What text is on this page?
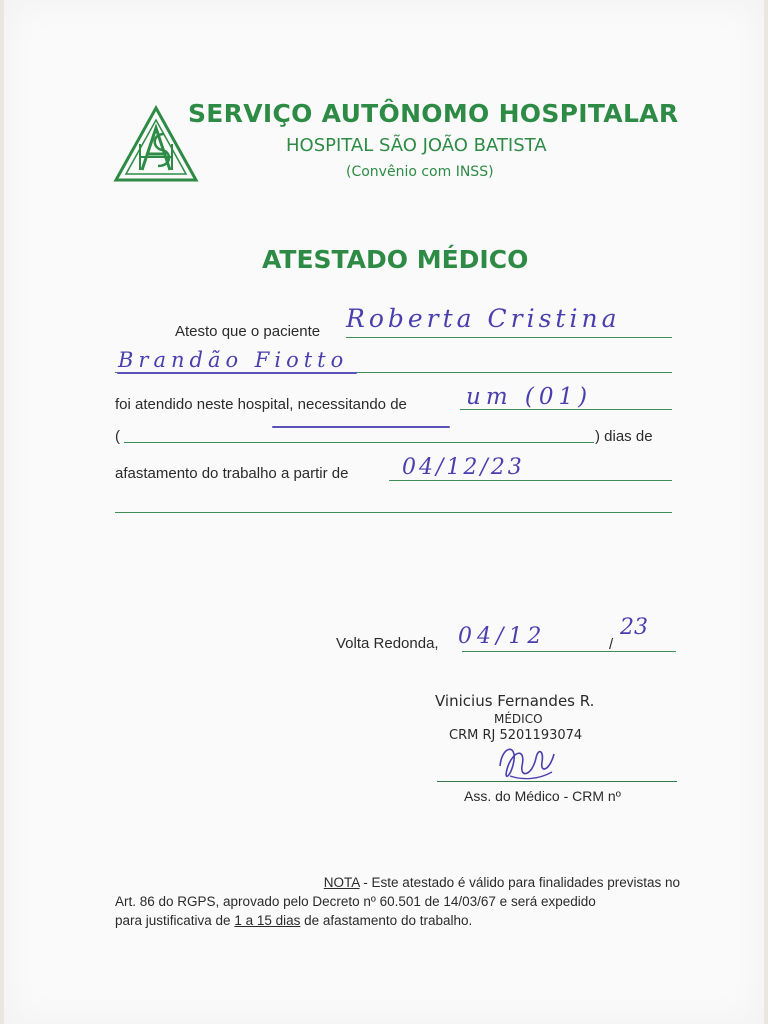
SERVIÇO AUTÔNOMO HOSPITALAR

HOSPITAL SÃO JOÃO BATISTA

(Convênio com INSS)

ATESTADO MÉDICO
Atesto que o paciente Roberta Cristina
Brandão Fiotto
foi atendido neste hospital, necessitando de	um (01)
(	) dias de
afastamento do trabalho a partir de 04/12/23
Volta Redonda, 04/12	/
23
Vinicius Fernandes R.
MÉDICO
CRM RJ 5201193074
Ass. do Médico - CRM nº

NOTA - Este atestado é válido para finalidades previstas no

Art. 86 do RGPS, aprovado pelo Decreto nº 60.501 de 14/03/67 e será expedido

para justificativa de 1 a 15 dias de afastamento do trabalho.
